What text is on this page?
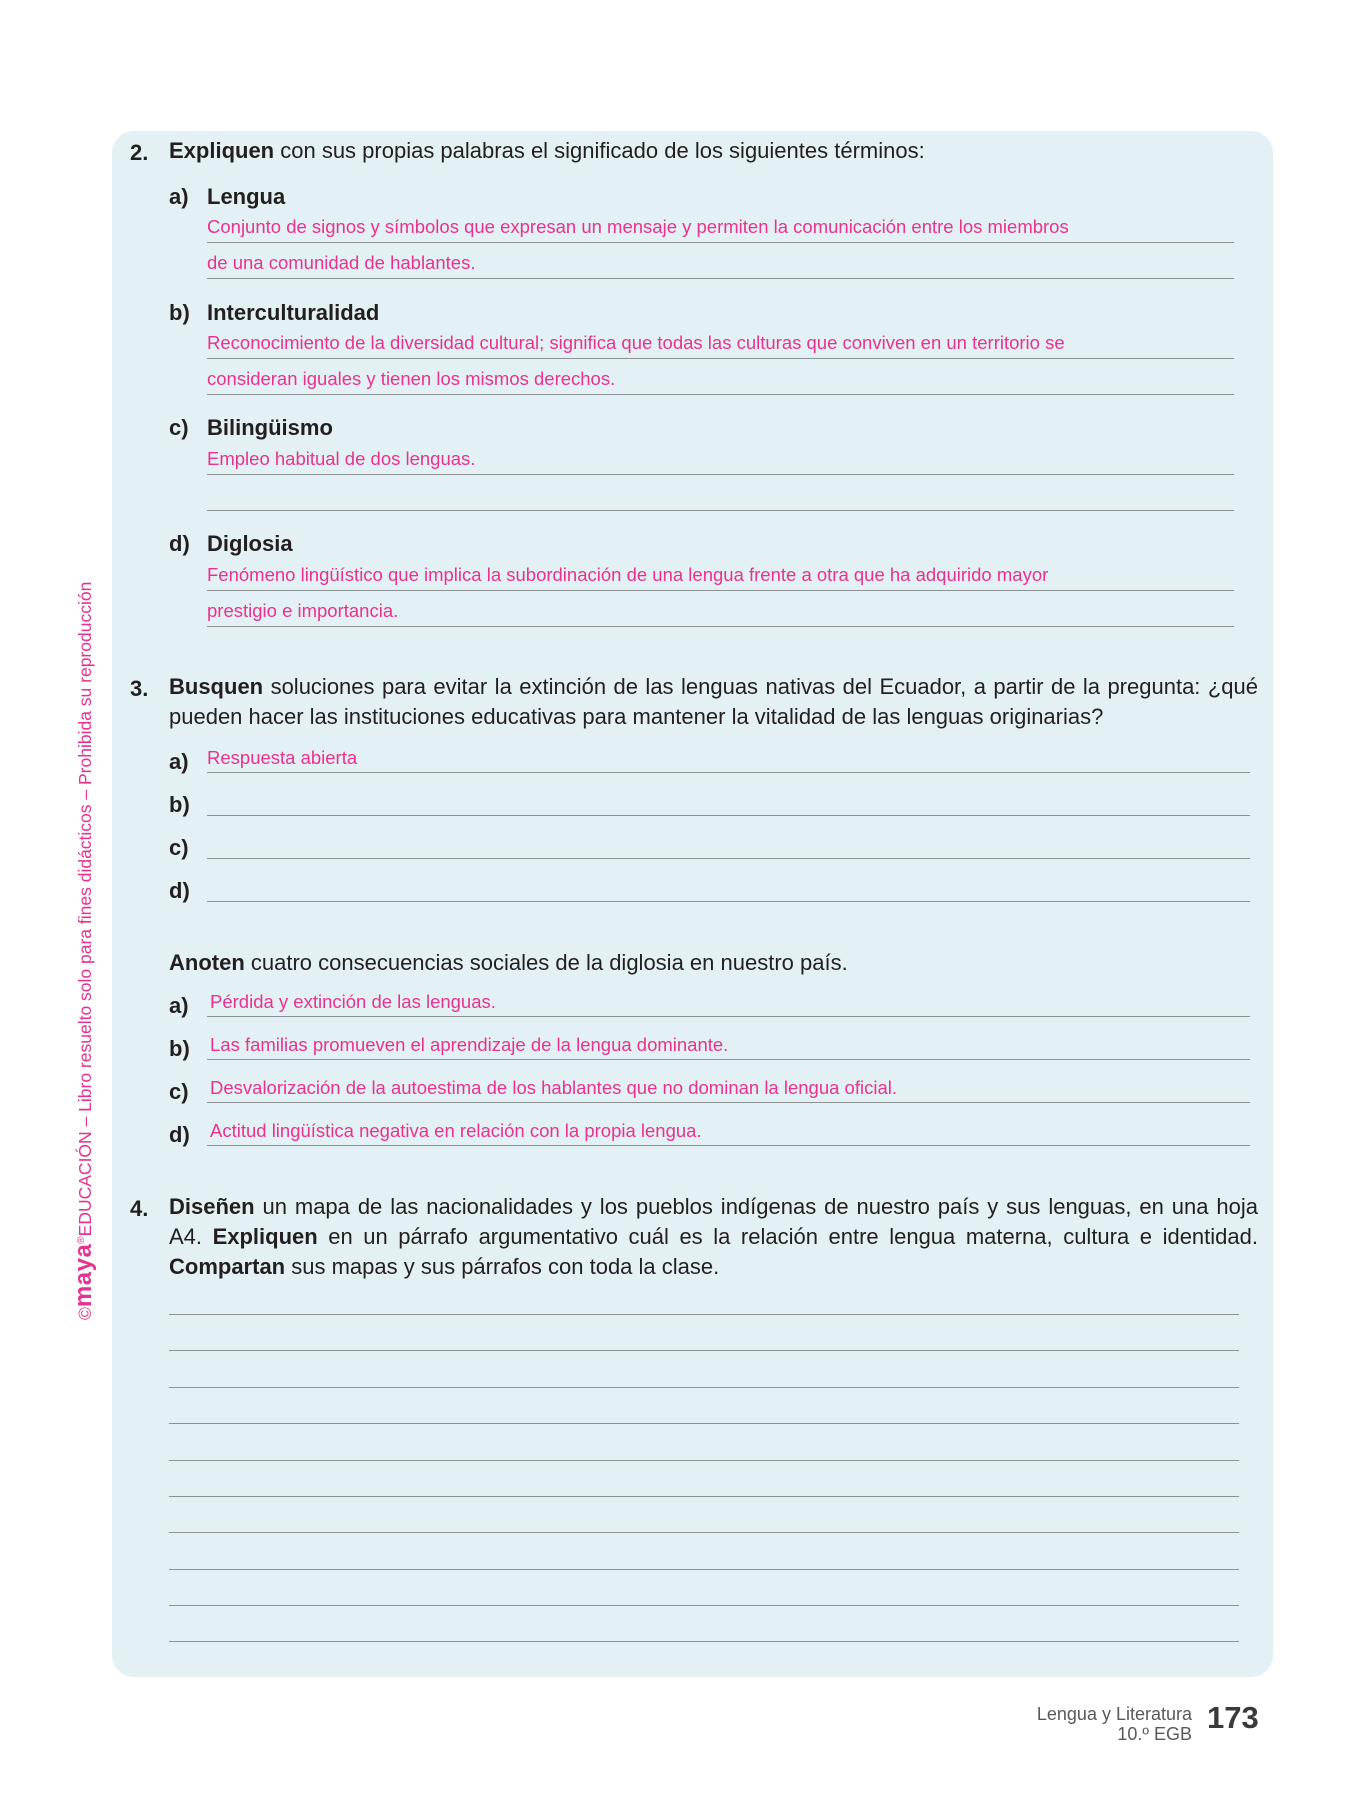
©maya®EDUCACIÓN – Libro resuelto solo para fines didácticos – Prohibida su reproducción
2. Expliquen con sus propias palabras el significado de los siguientes términos:
a) Lengua
Conjunto de signos y símbolos que expresan un mensaje y permiten la comunicación entre los miembros
de una comunidad de hablantes.
b) Interculturalidad
Reconocimiento de la diversidad cultural; significa que todas las culturas que conviven en un territorio se
consideran iguales y tienen los mismos derechos.
c) Bilingüismo
Empleo habitual de dos lenguas.
d) Diglosia
Fenómeno lingüístico que implica la subordinación de una lengua frente a otra que ha adquirido mayor
prestigio e importancia.
3. Busquen soluciones para evitar la extinción de las lenguas nativas del Ecuador, a partir de la pregunta: ¿qué pueden hacer las instituciones educativas para mantener la vitalidad de las lenguas originarias?
a) Respuesta abierta
b)
c)
d)
Anoten cuatro consecuencias sociales de la diglosia en nuestro país.
a) Pérdida y extinción de las lenguas.
b) Las familias promueven el aprendizaje de la lengua dominante.
c) Desvalorización de la autoestima de los hablantes que no dominan la lengua oficial.
d) Actitud lingüística negativa en relación con la propia lengua.
4. Diseñen un mapa de las nacionalidades y los pueblos indígenas de nuestro país y sus lenguas, en una hoja A4. Expliquen en un párrafo argumentativo cuál es la relación entre lengua materna, cultura e identidad. Compartan sus mapas y sus párrafos con toda la clase.
Lengua y Literatura
10.º EGB 173
